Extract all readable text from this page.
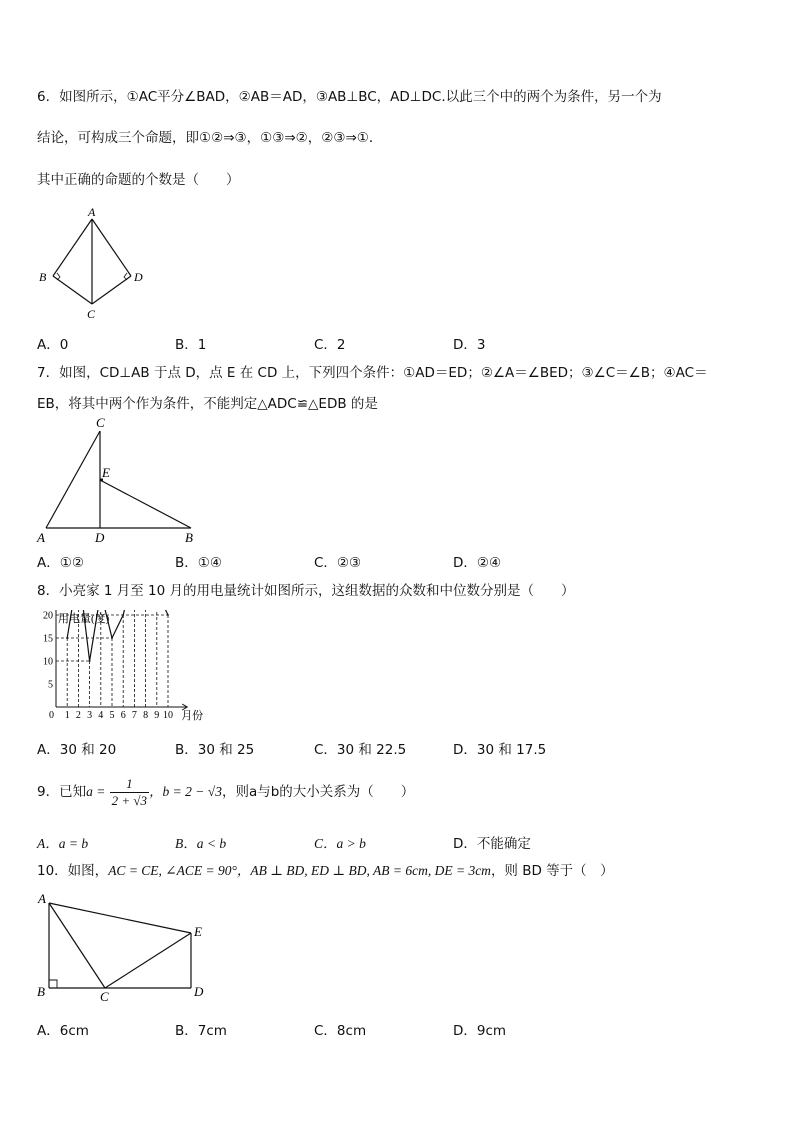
6．如图所示，①AC平分∠BAD，②AB＝AD，③AB⊥BC，AD⊥DC.以此三个中的两个为条件，另一个为
结论，可构成三个命题，即①②⇒③，①③⇒②，②③⇒①．
其中正确的命题的个数是（　　）
A
B	D
C
A．0	B．1	C．2	D．3
7．如图，CD⊥AB 于点 D，点 E 在 CD 上，下列四个条件：①AD＝ED；②∠A＝∠BED；③∠C＝∠B；④AC＝
EB，将其中两个作为条件，不能判定△ADC≌△EDB 的是
C
E
A	D	B
A．①②	B．①④	C．②③	D．②④
8．小亮家 1 月至 10 月的用电量统计如图所示，这组数据的众数和中位数分别是（　　）
5
10
15
20
1 2 3 4 5 6 7 8 9 10
0
用电量(度)
月份
A．30 和 20	B．30 和 25	C．30 和 22.5	D．30 和 17.5
9．已知$a = \frac{1}{2 + √3}$ ，b = 2 − √3，则a与b的大小关系为（　　）
A．a = b	B．a < b	C．a > b	D．不能确定
10．如图，AC = CE, ∠ACE = 90°，AB ⊥ BD, ED ⊥ BD, AB = 6cm, DE = 3cm，则 BD 等于（　）
A
E
B	C	D
A．6cm	B．7cm	C．8cm	D．9cm
